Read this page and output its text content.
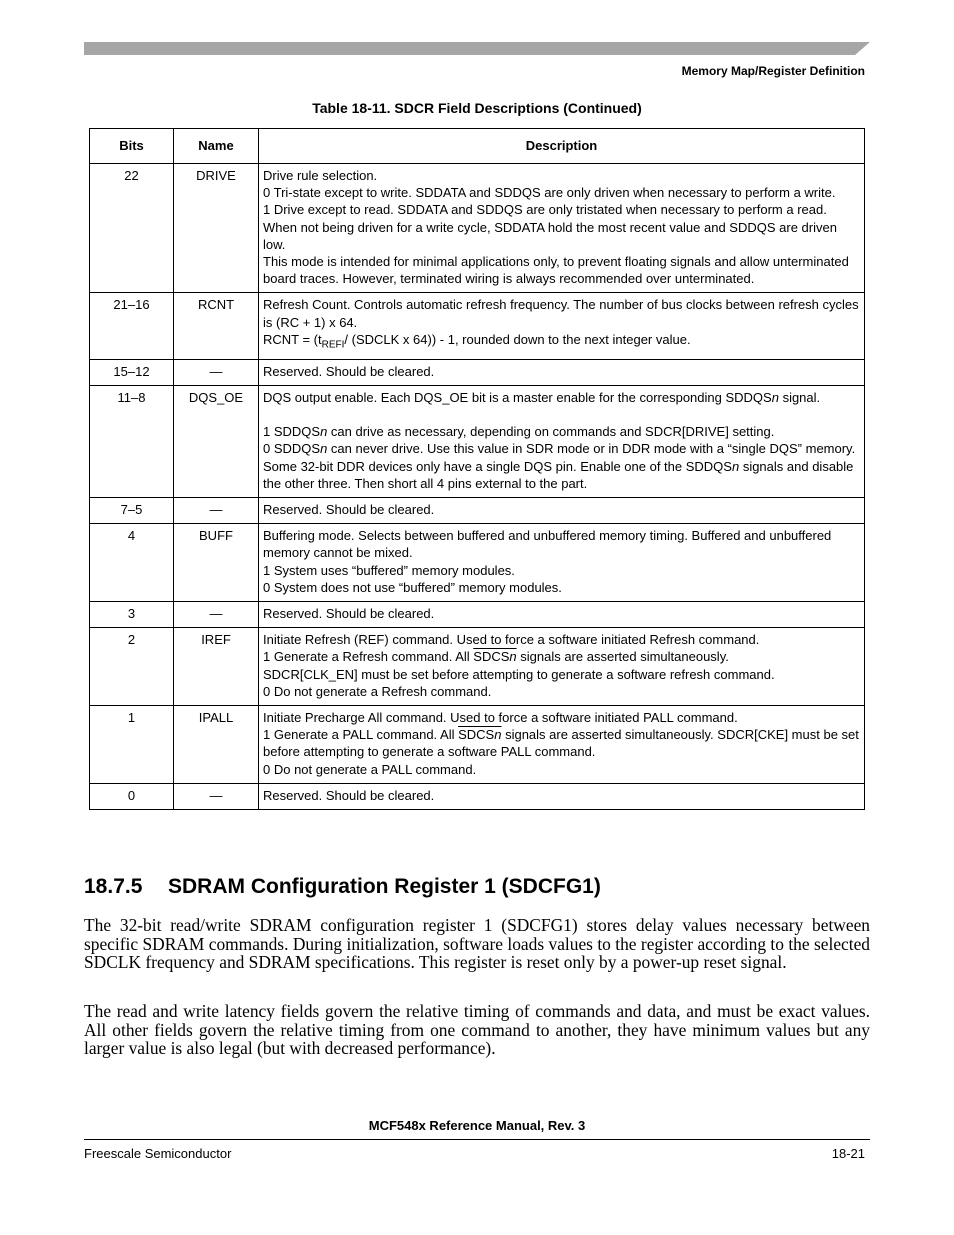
Memory Map/Register Definition
Table 18-11. SDCR Field Descriptions (Continued)
Bits	Name	Description
22	DRIVE	Drive rule selection.
0 Tri-state except to write. SDDATA and SDDQS are only driven when necessary to perform a write.
1 Drive except to read. SDDATA and SDDQS are only tristated when necessary to perform a read. When not being driven for a write cycle, SDDATA hold the most recent value and SDDQS are driven low.
This mode is intended for minimal applications only, to prevent floating signals and allow unterminated board traces. However, terminated wiring is always recommended over unterminated.

21–16	RCNT	Refresh Count. Controls automatic refresh frequency. The number of bus clocks between refresh cycles is (RC + 1) x 64.
RCNT = ($t_{REFI}/$ (SDCLK x 64)) - 1, rounded down to the next integer value.

15–12	—	Reserved. Should be cleared.
11–8	DQS_OE	DQS output enable. Each DQS_OE bit is a master enable for the corresponding SDDQSn signal.
1 SDDQSn can drive as necessary, depending on commands and SDCR[DRIVE] setting.
0 SDDQSn can never drive. Use this value in SDR mode or in DDR mode with a “single DQS” memory. Some 32-bit DDR devices only have a single DQS pin. Enable one of the SDDQSn signals and disable the other three. Then short all 4 pins external to the part.

7–5	—	Reserved. Should be cleared.
4	BUFF	Buffering mode. Selects between buffered and unbuffered memory timing. Buffered and unbuffered memory cannot be mixed.
1 System uses “buffered” memory modules.
0 System does not use “buffered” memory modules.

3	—	Reserved. Should be cleared.
2	IREF	Initiate Refresh (REF) command. Used to force a software initiated Refresh command.
1 Generate a Refresh command. All SDCSn signals are asserted simultaneously.
SDCR[CLK_EN] must be set before attempting to generate a software refresh command.
0 Do not generate a Refresh command.

1	IPALL	Initiate Precharge All command. Used to force a software initiated PALL command.
1 Generate a PALL command. All SDCSn signals are asserted simultaneously. SDCR[CKE] must be set before attempting to generate a software PALL command.
0 Do not generate a PALL command.

0	—	Reserved. Should be cleared.
18.7.5 SDRAM Configuration Register 1 (SDCFG1)

The 32-bit read/write SDRAM configuration register 1 (SDCFG1) stores delay values necessary between specific SDRAM commands. During initialization, software loads values to the register according to the selected SDCLK frequency and SDRAM specifications. This register is reset only by a power-up reset signal.

The read and write latency fields govern the relative timing of commands and data, and must be exact values. All other fields govern the relative timing from one command to another, they have minimum values but any larger value is also legal (but with decreased performance).

MCF548x Reference Manual, Rev. 3
Freescale Semiconductor	18-21
